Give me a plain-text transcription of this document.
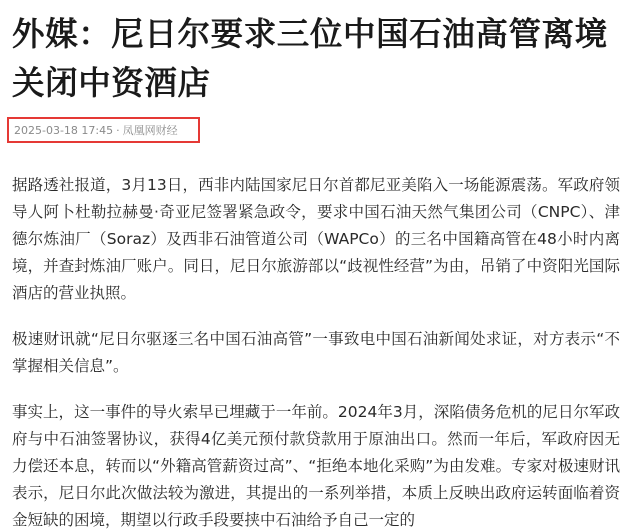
外媒：尼日尔要求三位中国石油高管离境
关闭中资酒店
2025-03-18 17:45 · 凤凰网财经

据路透社报道，3月13日，西非内陆国家尼日尔首都尼亚美陷入一场能源震荡。军政府领导人阿卜杜勒拉赫曼·奇亚尼签署紧急政令，要求中国石油天然气集团公司（CNPC）、津德尔炼油厂（Soraz）及西非石油管道公司（WAPCo）的三名中国籍高管在48小时内离境，并查封炼油厂账户。同日，尼日尔旅游部以“歧视性经营”为由，吊销了中资阳光国际酒店的营业执照。

极速财讯就“尼日尔驱逐三名中国石油高管”一事致电中国石油新闻处求证，对方表示“不掌握相关信息”。

事实上，这一事件的导火索早已埋藏于一年前。2024年3月，深陷债务危机的尼日尔军政府与中石油签署协议，获得4亿美元预付款贷款用于原油出口。然而一年后，军政府因无力偿还本息，转而以“外籍高管薪资过高”、“拒绝本地化采购”为由发难。专家对极速财讯表示，尼日尔此次做法较为激进，其提出的一系列举措，本质上反映出政府运转面临着资金短缺的困境，期望以行政手段要挟中石油给予自己一定的
